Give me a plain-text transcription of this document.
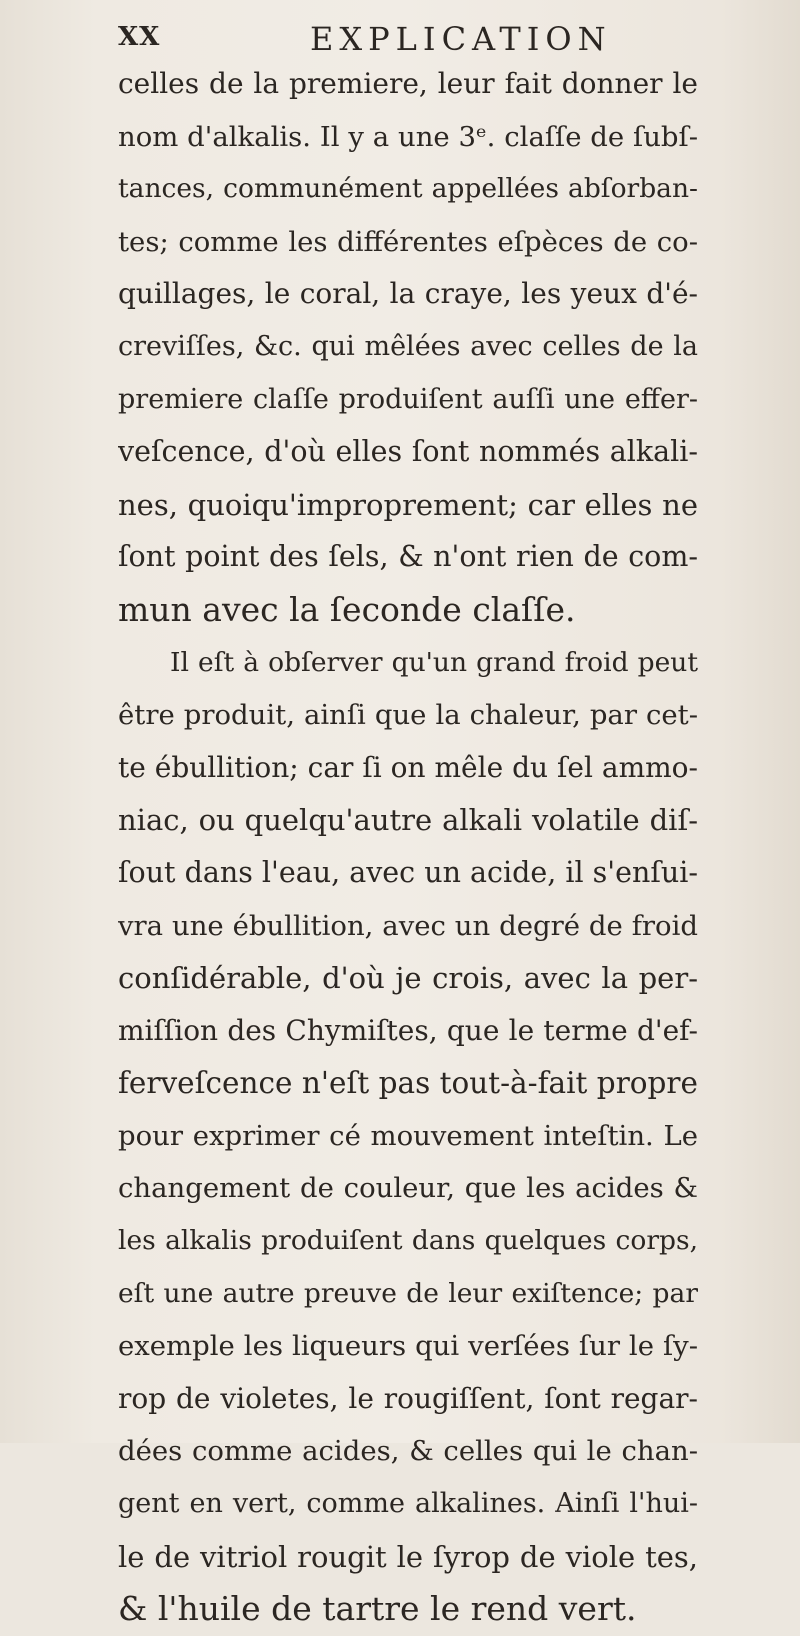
XX	EXPLICATION
celles de la premiere, leur fait donner le
nom d'alkalis. Il y a une 3ᵉ. claſſe de ſubſ-
tances, communément appellées abſorban-
tes; comme les différentes eſpèces de co-
quillages, le coral, la craye, les yeux d'é-
creviſſes, &c. qui mêlées avec celles de la
premiere claſſe produiſent auſſi une effer-
veſcence, d'où elles ſont nommés alkali-
nes, quoiqu'improprement; car elles ne
ſont point des ſels, & n'ont rien de com-
mun avec la ſeconde claſſe.
Il eſt à obſerver qu'un grand froid peut
être produit, ainſi que la chaleur, par cet-
te ébullition; car ſi on mêle du ſel ammo-
niac, ou quelqu'autre alkali volatile diſ-
ſout dans l'eau, avec un acide, il s'enſui-
vra une ébullition, avec un degré de froid
conſidérable, d'où je crois, avec la per-
miſſion des Chymiſtes, que le terme d'ef-
ferveſcence n'eſt pas tout-à-fait propre
pour exprimer cé mouvement inteſtin. Le
changement de couleur, que les acides &
les alkalis produiſent dans quelques corps,
eſt une autre preuve de leur exiſtence; par
exemple les liqueurs qui verſées ſur le ſy-
rop de violetes, le rougiſſent, ſont regar-
dées comme acides, & celles qui le chan-
gent en vert, comme alkalines. Ainſi l'hui-
le de vitriol rougit le ſyrop de viole tes,
& l'huile de tartre le rend vert.
